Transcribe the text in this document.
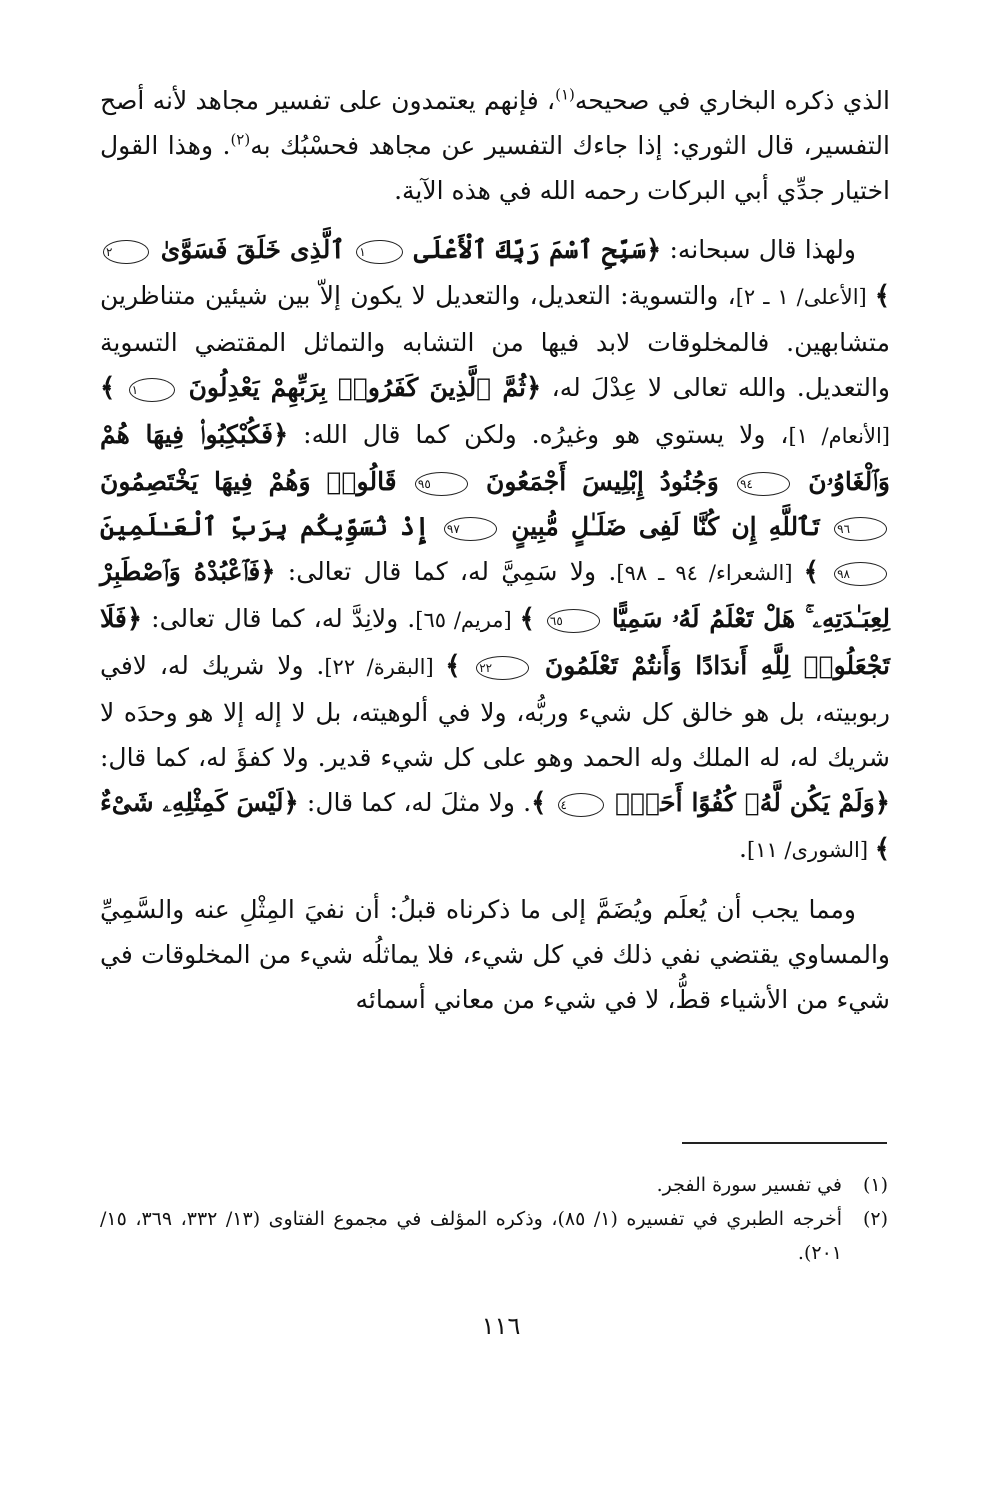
الذي ذكره البخاري في صحيحه$^{(١)}$، فإنهم يعتمدون على تفسير مجاهد لأنه أصح التفسير، قال الثوري: إذا جاءك التفسير عن مجاهد فحسْبُك به$^{(٢)}$. وهذا القول اختيار جدِّي أبي البركات رحمه الله في هذه الآية.

ولهذا قال سبحانه: ﴿سَبِّحِ ٱسْمَ رَبِّكَ ٱلْأَعْلَى ١ ٱلَّذِى خَلَقَ فَسَوَّىٰ ٢ ﴾ [الأعلى/ ١ ـ ٢]، والتسوية: التعديل، والتعديل لا يكون إلاّ بين شيئين متناظرين متشابهين. فالمخلوقات لابد فيها من التشابه والتماثل المقتضي التسوية والتعديل. والله تعالى لا عِدْلَ له، ﴿ثُمَّ ٱلَّذِينَ كَفَرُوا۟ بِرَبِّهِمْ يَعْدِلُونَ ١ ﴾ [الأنعام/ ١]، ولا يستوي هو وغيرُه. ولكن كما قال الله: ﴿فَكُبْكِبُوا۟ فِيهَا هُمْ وَٱلْغَاوُۥنَ ٩٤ وَجُنُودُ إِبْلِيسَ أَجْمَعُونَ ٩٥ قَالُوا۟ وَهُمْ فِيهَا يَخْتَصِمُونَ ٩٦ تَٱللَّهِ إِن كُنَّا لَفِى ضَلَـٰلٍ مُّبِينٍ ٩٧ إِذْ نُسَوِّيكُم بِرَبِّ ٱلْعَـٰلَمِينَ ٩٨ ﴾ [الشعراء/ ٩٤ ـ ٩٨]. ولا سَمِيَّ له، كما قال تعالى: ﴿فَٱعْبُدْهُ وَٱصْطَبِرْ لِعِبَـٰدَتِهِۦ ۚ هَلْ تَعْلَمُ لَهُۥ سَمِيًّا ٦٥ ﴾ [مريم/ ٦٥]. ولانِدَّ له، كما قال تعالى: ﴿فَلَا تَجْعَلُوا۟ لِلَّهِ أَندَادًا وَأَنتُمْ تَعْلَمُونَ ٢٢ ﴾ [البقرة/ ٢٢]. ولا شريك له، لافي ربوبيته، بل هو خالق كل شيء وربُّه، ولا في ألوهيته، بل لا إله إلا هو وحدَه لا شريك له، له الملك وله الحمد وهو على كل شيء قدير. ولا كفؤَ له، كما قال: ﴿وَلَمْ يَكُن لَّهُۥ كُفُوًا أَحَدٌۢ ٤ ﴾. ولا مثلَ له، كما قال: ﴿لَيْسَ كَمِثْلِهِۦ شَىْءٌ ﴾ [الشورى/ ١١].

ومما يجب أن يُعلَم ويُضَمَّ إلى ما ذكرناه قبلُ: أن نفيَ المِثْلِ عنه والسَّمِيِّ والمساوي يقتضي نفي ذلك في كل شيء، فلا يماثلُه شيء من المخلوقات في شيء من الأشياء قطُّ، لا في شيء من معاني أسمائه

(١)
في تفسير سورة الفجر.
(٢)
أخرجه الطبري في تفسيره (١/ ٨٥)، وذكره المؤلف في مجموع الفتاوى (١٣/ ٣٣٢، ٣٦٩، ١٥/ ٢٠١).
١١٦
